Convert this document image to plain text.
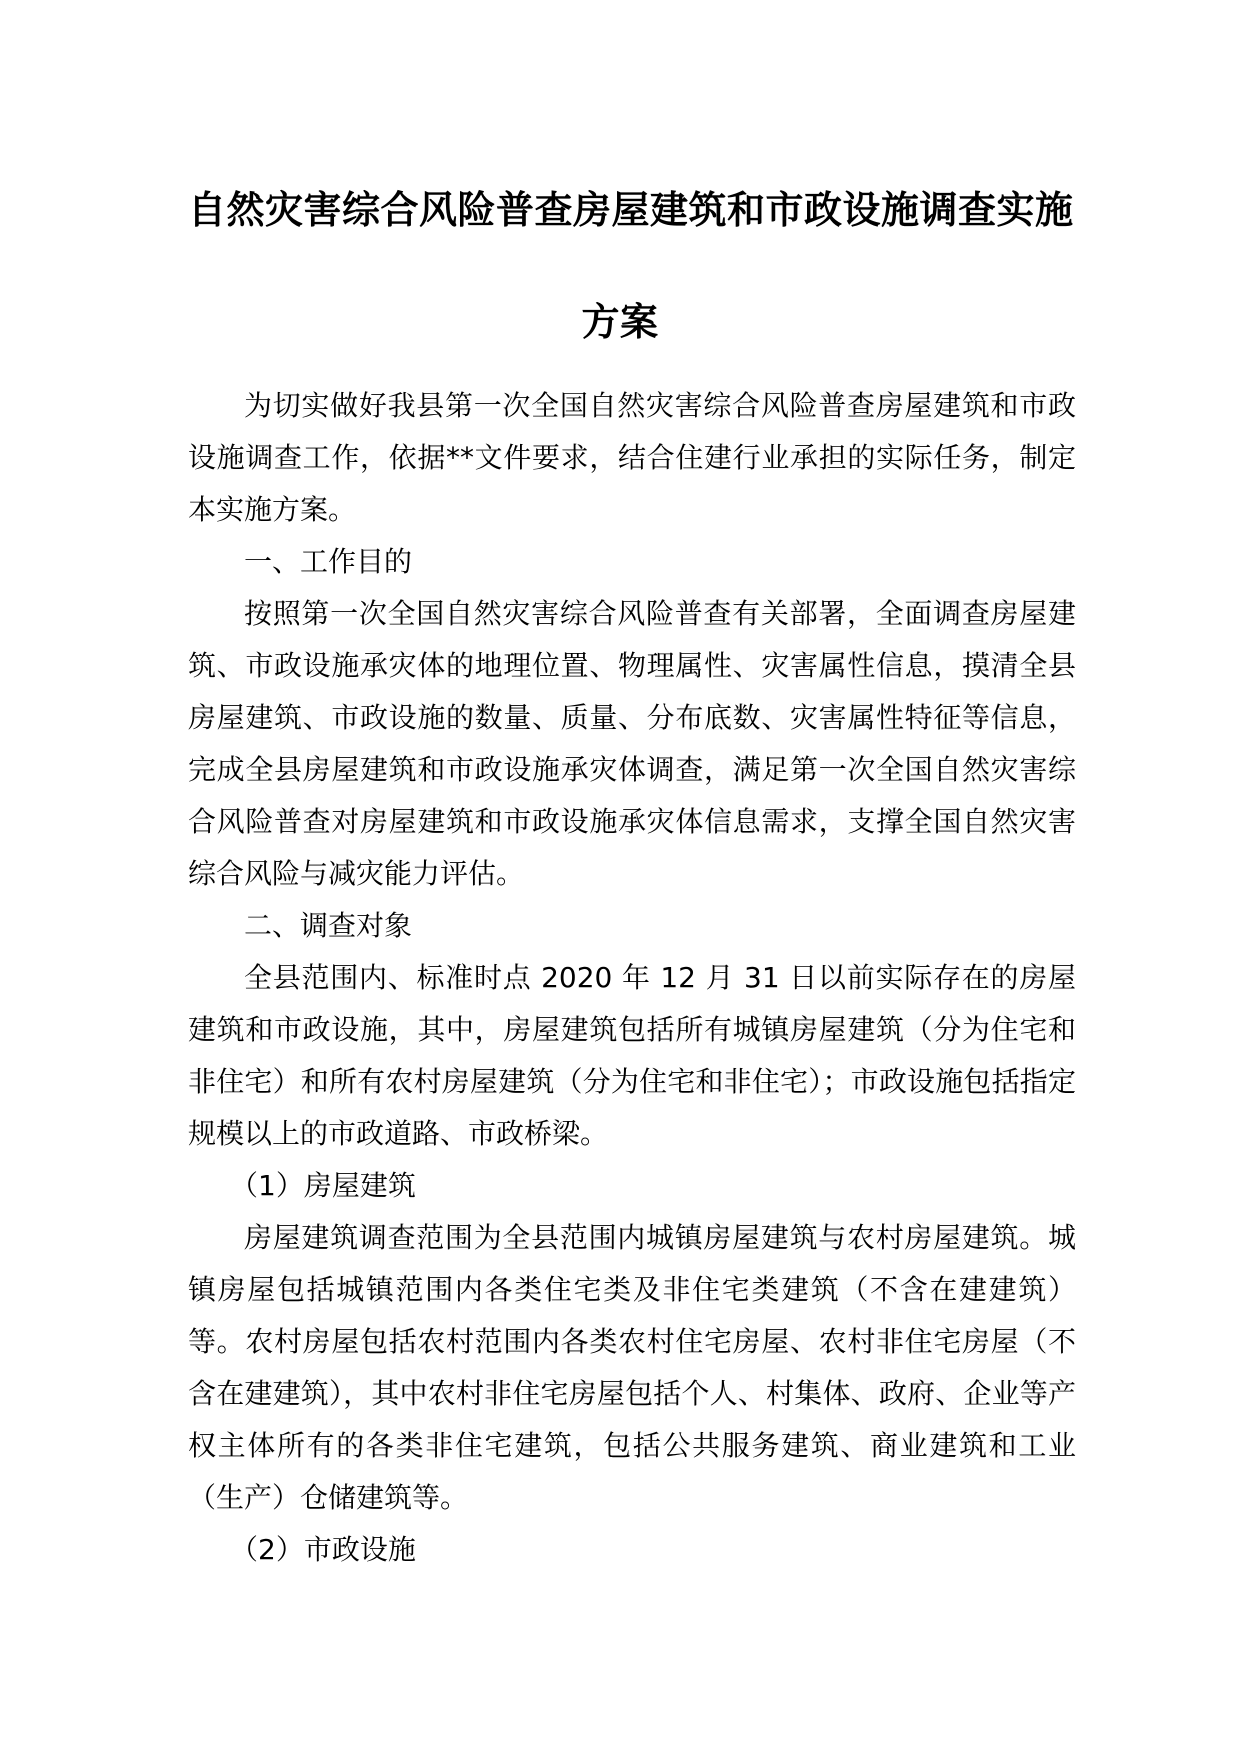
自然灾害综合风险普查房屋建筑和市政设施调查实施
方案

为切实做好我县第一次全国自然灾害综合风险普查房屋建筑和市政设施调查工作，依据**文件要求，结合住建行业承担的实际任务，制定本实施方案。

一、工作目的

按照第一次全国自然灾害综合风险普查有关部署，全面调查房屋建筑、市政设施承灾体的地理位置、物理属性、灾害属性信息，摸清全县房屋建筑、市政设施的数量、质量、分布底数、灾害属性特征等信息，完成全县房屋建筑和市政设施承灾体调查，满足第一次全国自然灾害综合风险普查对房屋建筑和市政设施承灾体信息需求，支撑全国自然灾害综合风险与减灾能力评估。

二、调查对象

全县范围内、标准时点 2020 年 12 月 31 日以前实际存在的房屋建筑和市政设施，其中，房屋建筑包括所有城镇房屋建筑（分为住宅和非住宅）和所有农村房屋建筑（分为住宅和非住宅）；市政设施包括指定规模以上的市政道路、市政桥梁。

（1）房屋建筑

房屋建筑调查范围为全县范围内城镇房屋建筑与农村房屋建筑。城镇房屋包括城镇范围内各类住宅类及非住宅类建筑（不含在建建筑）等。农村房屋包括农村范围内各类农村住宅房屋、农村非住宅房屋（不含在建建筑），其中农村非住宅房屋包括个人、村集体、政府、企业等产权主体所有的各类非住宅建筑，包括公共服务建筑、商业建筑和工业（生产）仓储建筑等。

（2）市政设施
